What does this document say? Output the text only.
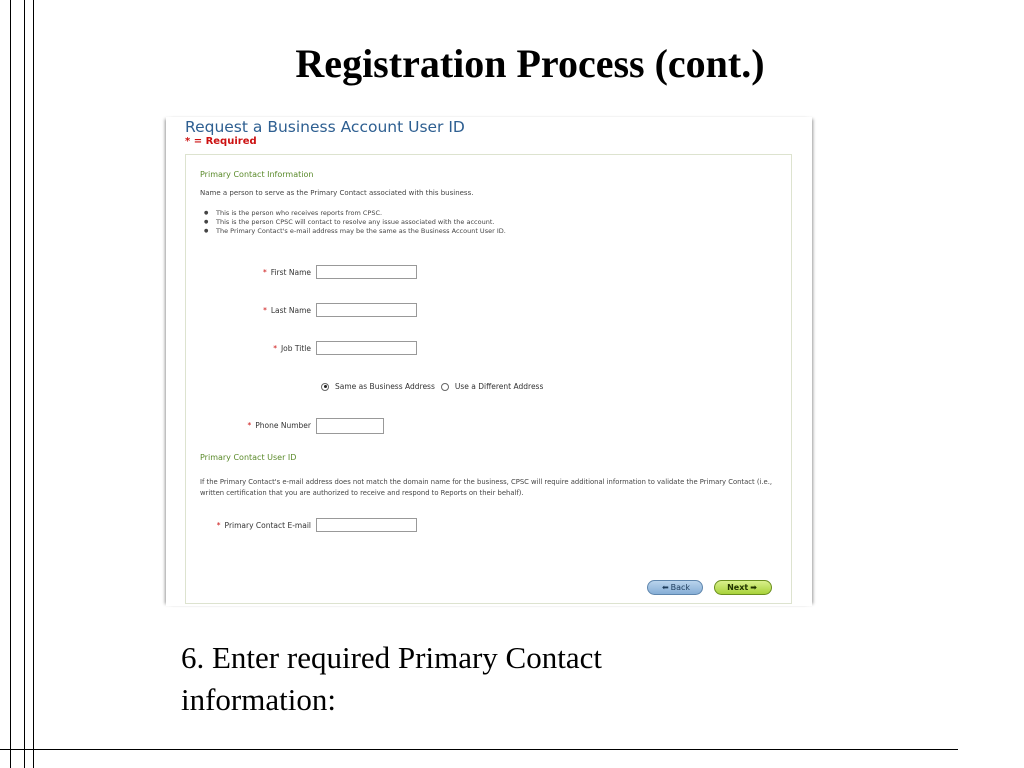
Registration Process (cont.)
Request a Business Account User ID
* = Required
Primary Contact Information
Name a person to serve as the Primary Contact associated with this business.
● This is the person who receives reports from CPSC.
● This is the person CPSC will contact to resolve any issue associated with the account.
● The Primary Contact's e-mail address may be the same as the Business Account User ID.
* First Name
* Last Name
* Job Title
Same as Business Address	Use a Different Address
* Phone Number
Primary Contact User ID
If the Primary Contact's e-mail address does not match the domain name for the business, CPSC will require additional information to validate the Primary Contact (i.e., written certification that you are authorized to receive and respond to Reports on their behalf).
* Primary Contact E-mail
⬅ Back	Next ➡
6. Enter required Primary Contact information:
